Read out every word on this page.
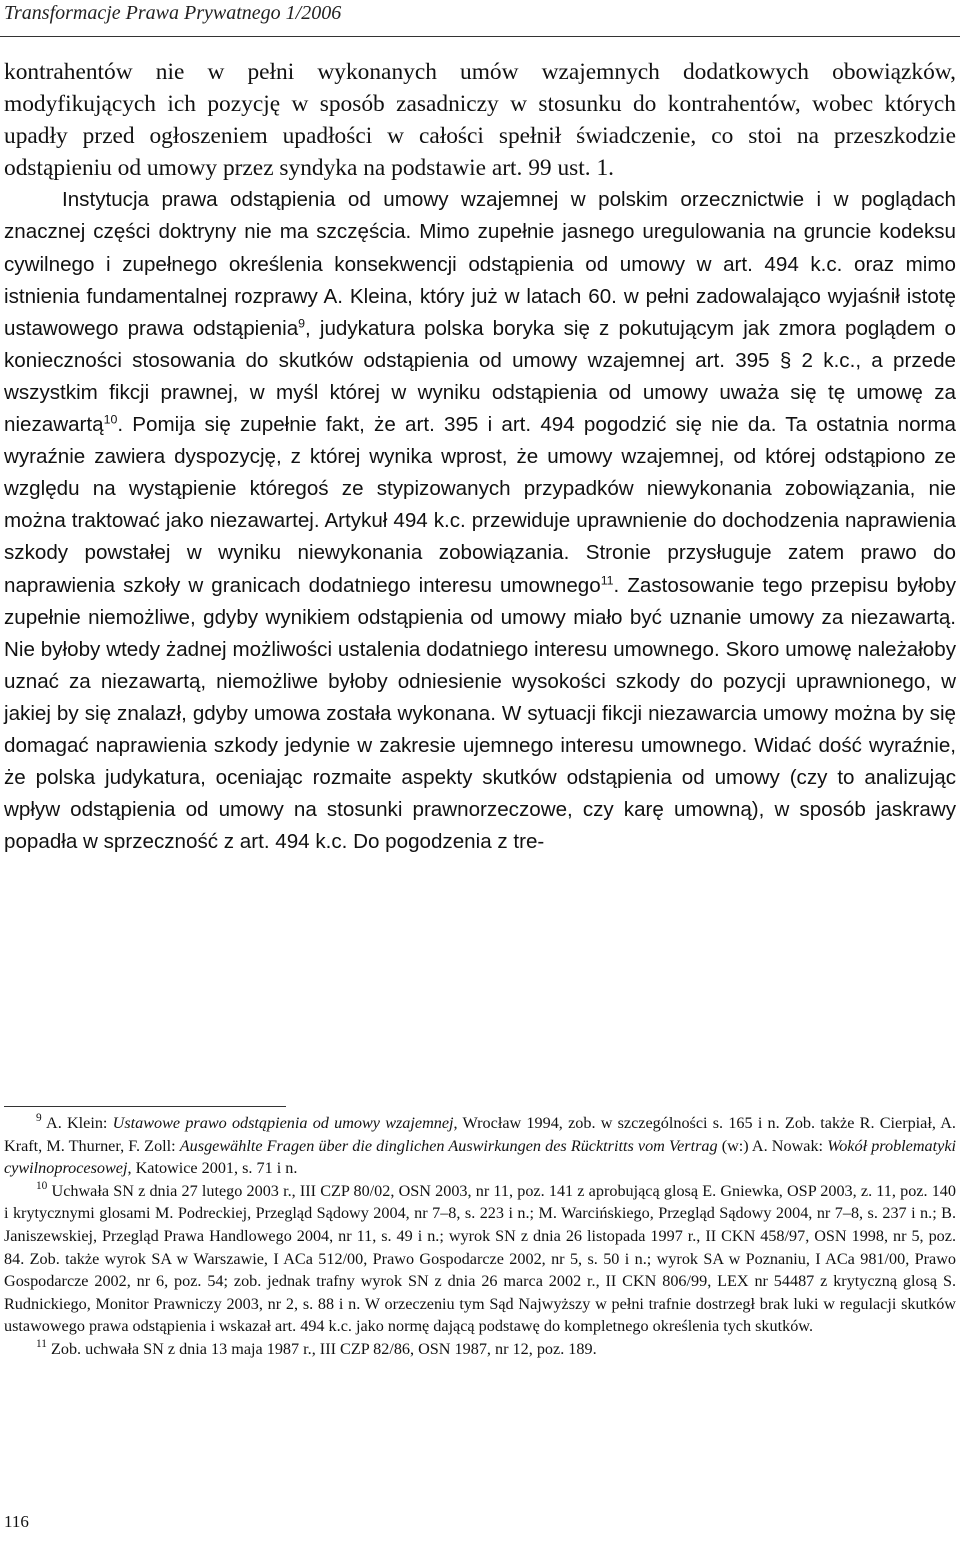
Transformacje Prawa Prywatnego 1/2006

kontrahentów nie w pełni wykonanych umów wzajemnych dodatkowych obowiązków, modyfikujących ich pozycję w sposób zasadniczy w stosunku do kontrahentów, wobec których upadły przed ogłoszeniem upadłości w całości spełnił świadczenie, co stoi na przeszkodzie odstąpieniu od umowy przez syndyka na podstawie art. 99 ust. 1.

Instytucja prawa odstąpienia od umowy wzajemnej w polskim orzecznictwie i w poglądach znacznej części doktryny nie ma szczęścia. Mimo zupełnie jasnego uregulowania na gruncie kodeksu cywilnego i zupełnego określenia konsekwencji odstąpienia od umowy w art. 494 k.c. oraz mimo istnienia fundamentalnej rozprawy A. Kleina, który już w latach 60. w pełni zadowalająco wyjaśnił istotę ustawowego prawa odstąpienia$^9$, judykatura polska boryka się z pokutującym jak zmora poglądem o konieczności stosowania do skutków odstąpienia od umowy wzajemnej art. 395 § 2 k.c., a przede wszystkim fikcji prawnej, w myśl której w wyniku odstąpienia od umowy uważa się tę umowę za niezawartą$^{10}$. Pomija się zupełnie fakt, że art. 395 i art. 494 pogodzić się nie da. Ta ostatnia norma wyraźnie zawiera dyspozycję, z której wynika wprost, że umowy wzajemnej, od której odstąpiono ze względu na wystąpienie któregoś ze stypizowanych przypadków niewykonania zobowiązania, nie można traktować jako niezawartej. Artykuł 494 k.c. przewiduje uprawnienie do dochodzenia naprawienia szkody powstałej w wyniku niewykonania zobowiązania. Stronie przysługuje zatem prawo do naprawienia szkoły w granicach dodatniego interesu umownego$^{11}$. Zastosowanie tego przepisu byłoby zupełnie niemożliwe, gdyby wynikiem odstąpienia od umowy miało być uznanie umowy za niezawartą. Nie byłoby wtedy żadnej możliwości ustalenia dodatniego interesu umownego. Skoro umowę należałoby uznać za niezawartą, niemożliwe byłoby odniesienie wysokości szkody do pozycji uprawnionego, w jakiej by się znalazł, gdyby umowa została wykonana. W sytuacji fikcji niezawarcia umowy można by się domagać naprawienia szkody jedynie w zakresie ujemnego interesu umownego. Widać dość wyraźnie, że polska judykatura, oceniając rozmaite aspekty skutków odstąpienia od umowy (czy to analizując wpływ odstąpienia od umowy na stosunki prawnorzeczowe, czy karę umowną), w sposób jaskrawy popadła w sprzeczność z art. 494 k.c. Do pogodzenia z tre-

$^9$ A. Klein: Ustawowe prawo odstąpienia od umowy wzajemnej, Wrocław 1994, zob. w szczególności s. 165 i n. Zob. także R. Cierpiał, A. Kraft, M. Thurner, F. Zoll: Ausgewählte Fragen über die dinglichen Auswirkungen des Rücktritts vom Vertrag (w:) A. Nowak: Wokół problematyki cywilnoprocesowej, Katowice 2001, s. 71 i n.

$^{10}$ Uchwała SN z dnia 27 lutego 2003 r., III CZP 80/02, OSN 2003, nr 11, poz. 141 z aprobującą glosą E. Gniewka, OSP 2003, z. 11, poz. 140 i krytycznymi glosami M. Podreckiej, Przegląd Sądowy 2004, nr 7–8, s. 223 i n.; M. Warcińskiego, Przegląd Sądowy 2004, nr 7–8, s. 237 i n.; B. Janiszewskiej, Przegląd Prawa Handlowego 2004, nr 11, s. 49 i n.; wyrok SN z dnia 26 listopada 1997 r., II CKN 458/97, OSN 1998, nr 5, poz. 84. Zob. także wyrok SA w Warszawie, I ACa 512/00, Prawo Gospodarcze 2002, nr 5, s. 50 i n.; wyrok SA w Poznaniu, I ACa 981/00, Prawo Gospodarcze 2002, nr 6, poz. 54; zob. jednak trafny wyrok SN z dnia 26 marca 2002 r., II CKN 806/99, LEX nr 54487 z krytyczną glosą S. Rudnickiego, Monitor Prawniczy 2003, nr 2, s. 88 i n. W orzeczeniu tym Sąd Najwyższy w pełni trafnie dostrzegł brak luki w regulacji skutków ustawowego prawa odstąpienia i wskazał art. 494 k.c. jako normę dającą podstawę do kompletnego określenia tych skutków.

$^{11}$ Zob. uchwała SN z dnia 13 maja 1987 r., III CZP 82/86, OSN 1987, nr 12, poz. 189.

116
